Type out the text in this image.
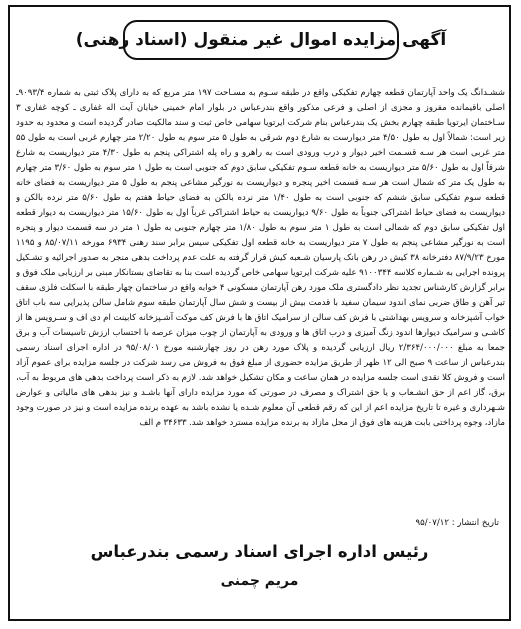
آگهی مزایده اموال غیر منقول (اسناد رهنی)
ششـدانگ یک واحد آپارتمان قطعه چهارم تفکیکی واقع در طبقه سـوم به مسـاحت ۱۹۷ متر مربع که به دارای پلاک ثبتی به شماره ۹۰۹۳/۴ـ اصلی باقیمانده مفروز و مجزی از اصلی و فرعی مذکور واقع بندرعباس در بلوار امام خمینی خیابان آیت اله غفاری ـ کوچه غفاری ۳ سـاختمان ایرتویا طبقه چهارم بخش یک بندرعباس بنام شرکت ایرتویا سهامی خاص ثبت و سند مالکیت صادر گردیده است و محدود به حدود زیر است: شمالاً اول به طول ۴/۵۰ متر دیوارست به شارع دوم شرقی به طول ۵ متر سوم به طول ۲/۲۰ متر چهارم غربی است به طول ۵۵ متر غربی است هر سـه قسـمت اخیر دیوار و درب ورودی است به راهرو و راه پله اشتراکی پنجم به طول ۴/۳۰ متر دیواریست به شارع شرقاً اول به طول ۵/۶۰ متر دیواریست به خانه قطعه سـوم تفکیکی سابق دوم که جنوبی است به طول ۱ متر سوم به طول ۳/۶۰ متر چهارم به طول یک متر که شمال است هر سـه قسمت اخیر پنجره و دیواریست به نورگیر مشاعی پنجم به طول ۵ متر دیواریست به فضای خانه قطعه سوم تفکیکی سابق ششم که جنوبی است به طول ۱/۴۰ متر نرده بالکن به فضای حیاط هفتم به طول ۵/۶۰ متر نرده بالکن و دیواریست به فضای حیاط اشتراکی جنوباً به طول ۹/۶۰ دیواریست به حیاط اشتراکی غرباً اول به طول ۱۵/۶۰ متر دیواریست به دیوار قطعه اول تفکیکی سابق دوم که شمالی است به طول ۱ متر سوم به طول ۱/۸۰ متر چهارم جنوبی به طول ۱ متر در سه قسمت دیوار و پنجره است به نورگیر مشاعی پنجم به طول ۷ متر دیواریست به خانه قطعه اول تفکیکی سیس برابر سند رهنی ۶۹۳۴ مورخه ۸۵/۰۷/۱۱ و ۱۱۹۵ مورخ ۸۷/۹/۲۳ دفترخانه ۳۸ کیش در رهن بانک پارسیان شـعبه کیش قرار گرفته به علت عدم پرداخت بدهی منجر به صدور اجرائیه و تشـکیل پرونده اجرایی به شـماره کلاسه ۹۱۰۰۳۴۴ علیه شرکت ایرتویا سهامی خاص گردیده است بنا به تقاضای بستانکار مبنی بر ارزیابی ملک فوق و برابر گزارش کارشناس تجدید نظر دادگستری ملک مورد رهن آپارتمان مسکونی ۴ خوابه واقع در ساختمان چهار طبقه با اسکلت فلزی سقف تیر آهن و طاق ضربی نمای اندود سیمان سفید با قدمت بیش از بیست و شش سال آپارتمان طبقه سوم شامل سالن پذیرایی سه باب اتاق خواب آشپزخانه و سرویس بهداشتی با فرش کف سالن از سرامیک اتاق ها با فرش کف موکت آشـپزخانه کابینت ام دی اف و سـرویس ها از کاشـی و سرامیک دیوارها اندود زنگ آمیزی و درب اتاق ها و ورودی به آپارتمان از چوب میزان عرصه با احتساب ارزش تاسیسات آب و برق جمعا به مبلغ ۲/۳۶۴/۰۰۰/۰۰۰ ریال ارزیابی گردیده و پلاک مورد رهن در روز چهارشنبه مورخ ۹۵/۰۸/۰۱ در اداره اجرای اسناد رسمی بندرعباس از ساعت ۹ صبح الی ۱۲ ظهر از طریق مزایده حضوری از مبلغ فوق به فروش می رسد شرکت در جلسه مزایده برای عموم آزاد است و فروش کلا نقدی است جلسه مزایده در همان ساعت و مکان تشکیل خواهد شد. لازم به ذکر است پرداخت بدهی های مربوط به آب، برق، گاز اعم از حق انشـعاب و یا حق اشتراک و مصرف در صورتی که مورد مزایده دارای آنها باشـد و نیز بدهی های مالیاتی و عوارض شـهرداری و غیره تا تاریخ مزایده اعم از این که رقم قطعی آن معلوم شـده یا نشده باشد به عهده برنده مزایده است و نیز در صورت وجود مازاد، وجوه پرداختی بابت هزینه های فوق از محل مازاد به برنده مزایده مسترد خواهد شد. ۳۴۶۳۳ م الف
تاریخ انتشار : ۹۵/۰۷/۱۲
رئیس اداره اجرای اسناد رسمی بندرعباس
مریم چمنی
